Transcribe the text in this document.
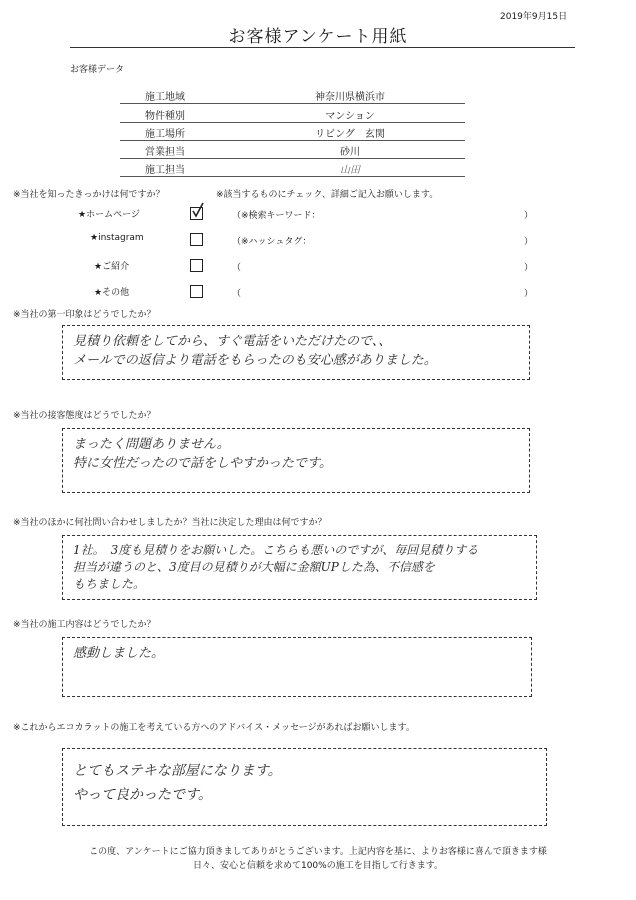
2019年9月15日
お客様アンケート用紙
お客様データ
施工地域	神奈川県横浜市
物件種別	マンション
施工場所	リビング　玄関
営業担当	砂川
施工担当	山田
※当社を知ったきっかけは何ですか？	※該当するものにチェック、詳細ご記入お願いします。
★ホームページ	（※検索キーワード：	）
★instagram	（※ハッシュタグ：	）
★ご紹介	（	）
★その他	（	）
※当社の第一印象はどうでしたか？
見積り依頼をしてから、すぐ電話をいただけたので、、
メールでの返信より電話をもらったのも安心感がありました。
※当社の接客態度はどうでしたか？
まったく問題ありません。
特に女性だったので話をしやすかったです。
※当社のほかに何社問い合わせしましたか？当社に決定した理由は何ですか？
1社。　3度も見積りをお願いした。こちらも悪いのですが、毎回見積りする
担当が違うのと、3度目の見積りが大幅に金額UPした為、不信感を
もちました。
※当社の施工内容はどうでしたか？
感動しました。
※これからエコカラットの施工を考えている方へのアドバイス・メッセージがあればお願いします。
とてもステキな部屋になります。
やって良かったです。
この度、アンケートにご協力頂きましてありがとうございます。上記内容を基に、よりお客様に喜んで頂きます様
日々、安心と信頼を求めて100%の施工を目指して行きます。
